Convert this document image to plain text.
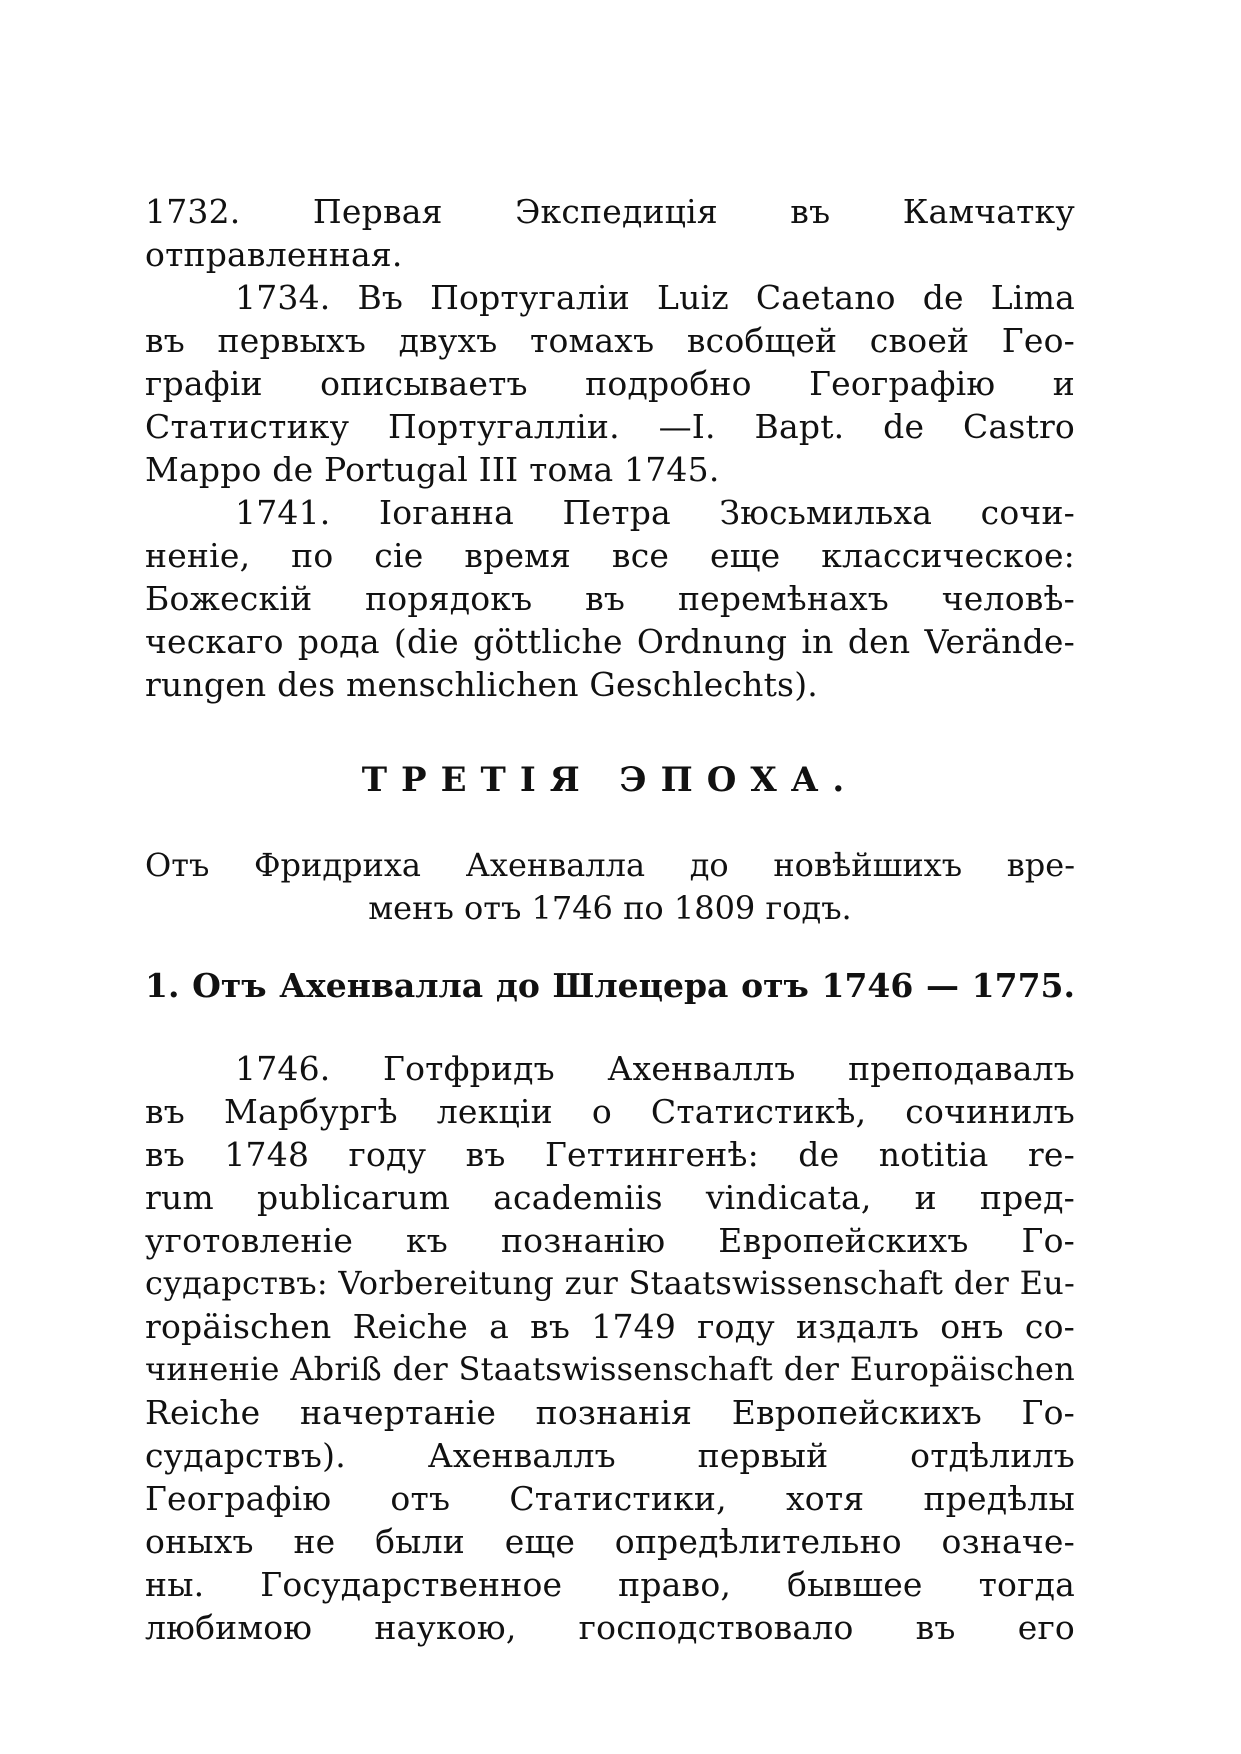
1732. Первая Экспедиція въ Камчатку
отправленная.

1734. Въ Португаліи Luiz Caetano de Lima
въ первыхъ двухъ томахъ всобщей своей Гео-
графіи описываетъ подробно Географію и
Статистику Португалліи. —I. Bapt. de Castro
Mappo de Portugal III тома 1745.

1741. Іоганна Петра Зюсьмильха сочи-
неніе, по сіе время все еще классическое:
Божескій порядокъ въ перемѣнахъ человѣ-
ческаго рода (die göttliche Ordnung in den Verände-
rungen des menschlichen Geschlechts).

ТРЕТІЯ ЭПОХА.

Отъ Фридриха Ахенвалла до новѣйшихъ вре-
менъ отъ 1746 по 1809 годъ.

1. Отъ Ахенвалла до Шлецера отъ 1746 — 1775.

1746. Готфридъ Ахенваллъ преподавалъ
въ Марбургѣ лекціи о Статистикѣ, сочинилъ
въ 1748 году въ Геттингенѣ: de notitia re-
rum publicarum academiis vindicata, и пред-
уготовленіе къ познанію Европейскихъ Го-
сударствъ: Vorbereitung zur Staatswissenschaft der Eu-
ropäischen Reiche а въ 1749 году издалъ онъ со-
чиненіе Abriß der Staatswissenschaft der Europäischen
Reiche начертаніе познанія Европейскихъ Го-
сударствъ). Ахенваллъ первый отдѣлилъ
Географію отъ Статистики, хотя предѣлы
оныхъ не были еще опредѣлительно означе-
ны. Государственное право, бывшее тогда
любимою наукою, господствовало въ его
